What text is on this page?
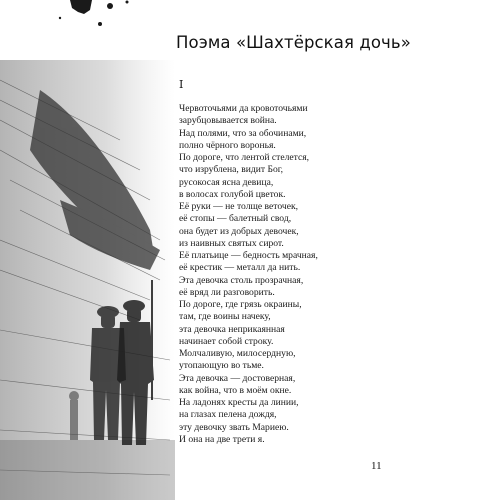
Поэма «Шахтёрская дочь»
I
Червоточьями да кровоточьями
зарубцовывается война.
Над полями, что за обочинами,
полно чёрного воронья.
По дороге, что лентой стелется,
что изрублена, видит Бог,
русокосая ясна девица,
в волосах голубой цветок.
Её руки — не толще веточек,
её стопы — балетный свод,
она будет из добрых девочек,
из наивных святых сирот.
Её платьице — бедность мрачная,
её крестик — металл да нить.
Эта девочка столь прозрачная,
её вряд ли разговорить.
По дороге, где грязь окраины,
там, где воины начеку,
эта девочка неприкаянная
начинает собой строку.
Молчаливую, милосердную,
утопающую во тьме.
Эта девочка — достоверная,
как война, что в моём окне.
На ладонях кресты да линии,
на глазах пелена дождя,
эту девочку звать Мариею.
И она на две трети я.
11
